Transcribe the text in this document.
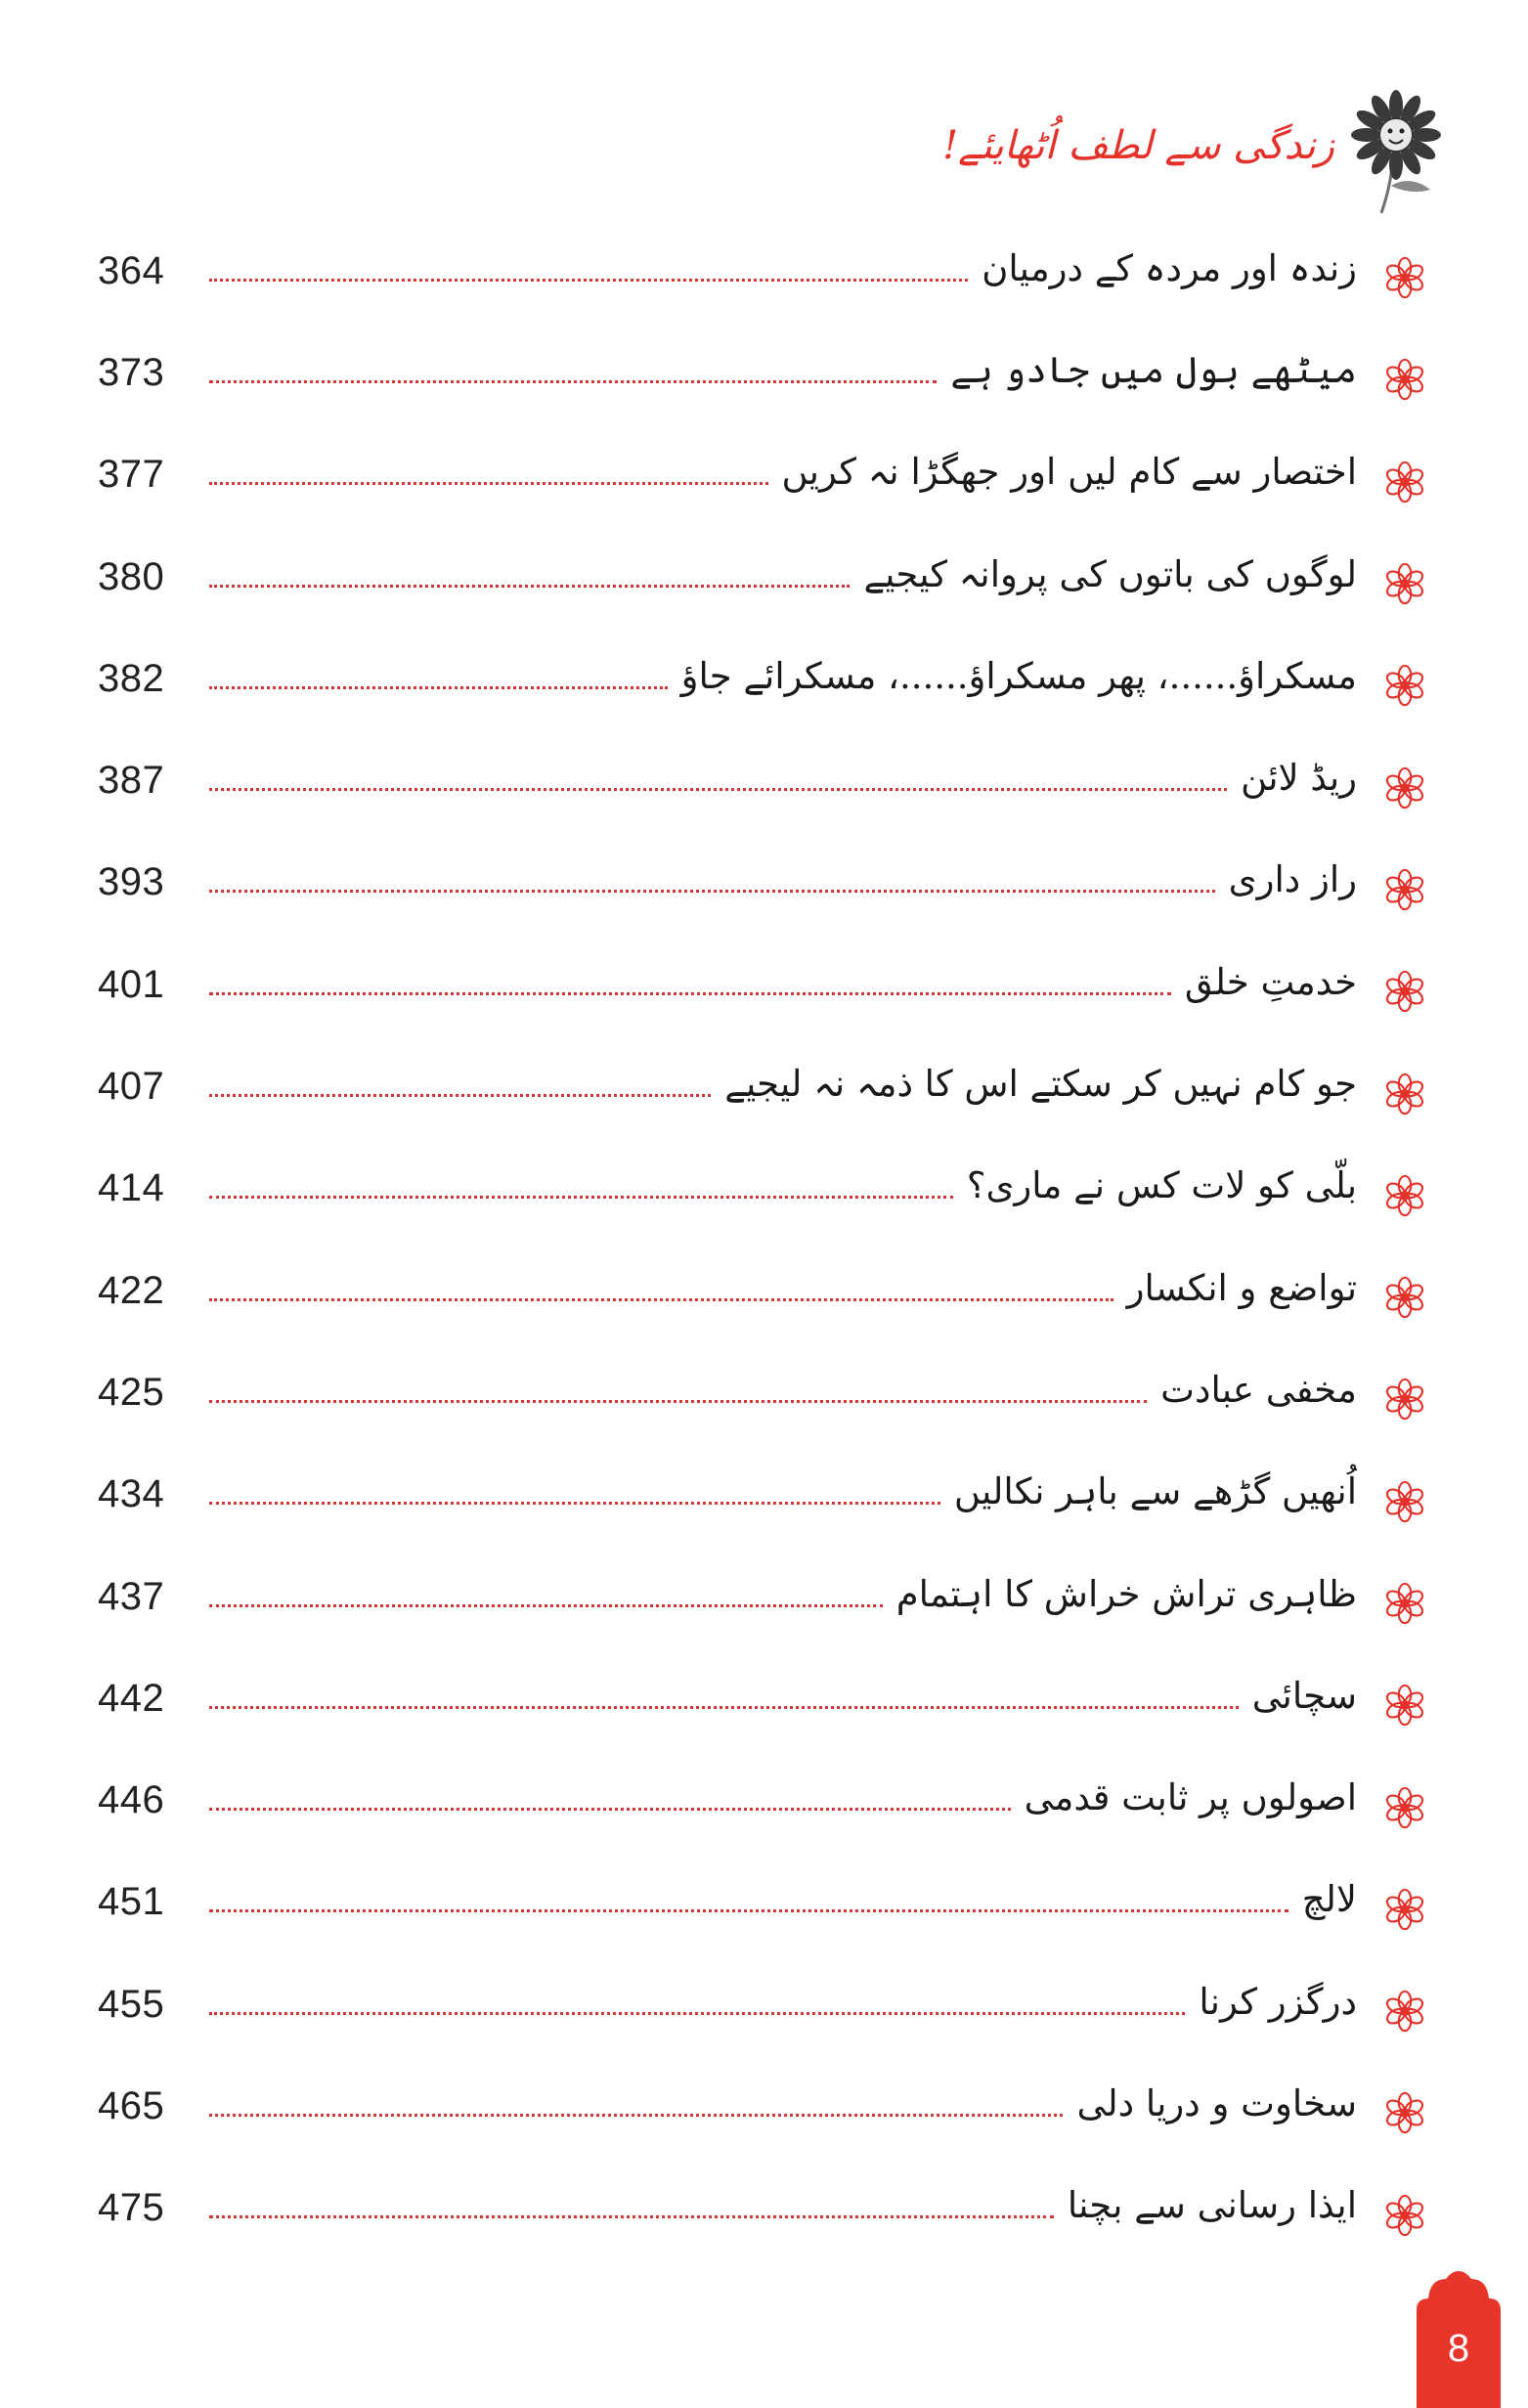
زندگی سے لطف اُٹھایئے!
364	زندہ اور مردہ کے درمیان
373	میٹھے بول میں جادو ہے
377	اختصار سے کام لیں اور جھگڑا نہ کریں
380	لوگوں کی باتوں کی پروانہ کیجیے
382	مسکراؤ......، پھر مسکراؤ......، مسکرائے جاؤ
387	ریڈ لائن
393	راز داری
401	خدمتِ خلق
407	جو کام نہیں کر سکتے اس کا ذمہ نہ لیجیے
414	بلّی کو لات کس نے ماری؟
422	تواضع و انکسار
425	مخفی عبادت
434	اُنھیں گڑھے سے باہر نکالیں
437	ظاہری تراش خراش کا اہتمام
442	سچائی
446	اصولوں پر ثابت قدمی
451	لالچ
455	درگزر کرنا
465	سخاوت و دریا دلی
475	ایذا رسانی سے بچنا
8
